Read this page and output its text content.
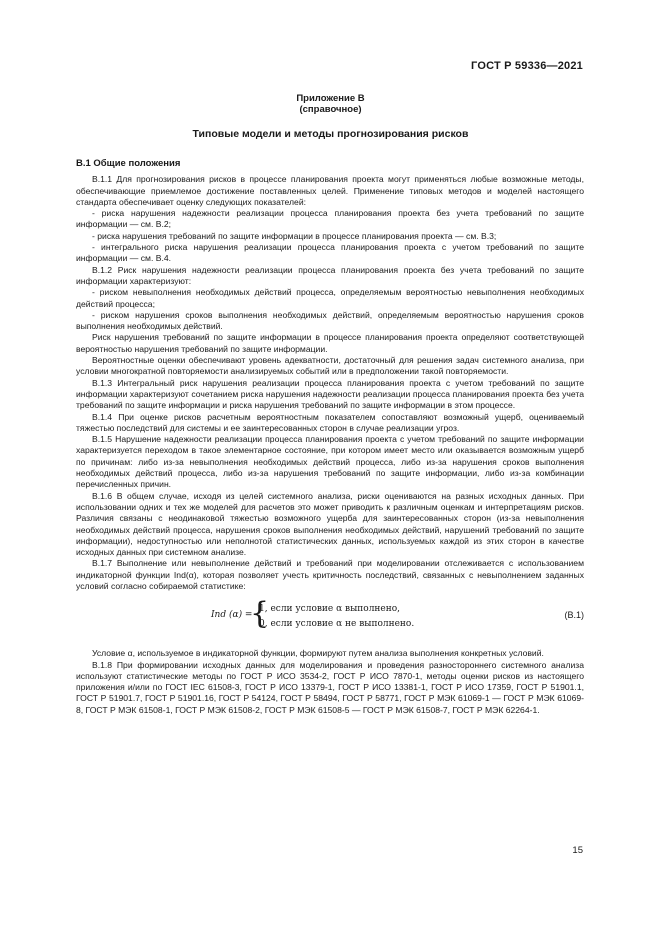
ГОСТ Р 59336—2021
Приложение В
(справочное)
Типовые модели и методы прогнозирования рисков
В.1 Общие положения

В.1.1 Для прогнозирования рисков в процессе планирования проекта могут применяться любые возможные методы, обеспечивающие приемлемое достижение поставленных целей. Применение типовых методов и моделей настоящего стандарта обеспечивает оценку следующих показателей:

- риска нарушения надежности реализации процесса планирования проекта без учета требований по защите информации — см. В.2;

- риска нарушения требований по защите информации в процессе планирования проекта — см. В.3;

- интегрального риска нарушения реализации процесса планирования проекта с учетом требований по защите информации — см. В.4.

В.1.2 Риск нарушения надежности реализации процесса планирования проекта без учета требований по защите информации характеризуют:

- риском невыполнения необходимых действий процесса, определяемым вероятностью невыполнения необходимых действий процесса;

- риском нарушения сроков выполнения необходимых действий, определяемым вероятностью нарушения сроков выполнения необходимых действий.

Риск нарушения требований по защите информации в процессе планирования проекта определяют соответствующей вероятностью нарушения требований по защите информации.

Вероятностные оценки обеспечивают уровень адекватности, достаточный для решения задач системного анализа, при условии многократной повторяемости анализируемых событий или в предположении такой повторяемости.

В.1.3 Интегральный риск нарушения реализации процесса планирования проекта с учетом требований по защите информации характеризуют сочетанием риска нарушения надежности реализации процесса планирования проекта без учета требований по защите информации и риска нарушения требований по защите информации в этом процессе.

В.1.4 При оценке рисков расчетным вероятностным показателем сопоставляют возможный ущерб, оцениваемый тяжестью последствий для системы и ее заинтересованных сторон в случае реализации угроз.

В.1.5 Нарушение надежности реализации процесса планирования проекта с учетом требований по защите информации характеризуется переходом в такое элементарное состояние, при котором имеет место или оказывается возможным ущерб по причинам: либо из-за невыполнения необходимых действий процесса, либо из-за нарушения сроков выполнения необходимых действий процесса, либо из-за нарушения требований по защите информации, либо из-за комбинации перечисленных причин.

В.1.6 В общем случае, исходя из целей системного анализа, риски оцениваются на разных исходных данных. При использовании одних и тех же моделей для расчетов это может приводить к различным оценкам и интерпретациям рисков. Различия связаны с неодинаковой тяжестью возможного ущерба для заинтересованных сторон (из-за невыполнения необходимых действий процесса, нарушения сроков выполнения необходимых действий, нарушений требований по защите информации), недоступностью или неполнотой статистических данных, используемых каждой из этих сторон в качестве исходных данных при системном анализе.

В.1.7 Выполнение или невыполнение действий и требований при моделировании отслеживается с использованием индикаторной функции Ind(α), которая позволяет учесть критичность последствий, связанных с невыполнением заданных условий согласно собираемой статистике:

Ind (α) =
{
1, если условие α выполнено,
0, если условие α не выполнено.
(В.1)

Условие α, используемое в индикаторной функции, формируют путем анализа выполнения конкретных условий.

В.1.8 При формировании исходных данных для моделирования и проведения разностороннего системного анализа используют статистические методы по ГОСТ Р ИСО 3534-2, ГОСТ Р ИСО 7870-1, методы оценки рисков из настоящего приложения и/или по ГОСТ IEC 61508-3, ГОСТ Р ИСО 13379-1, ГОСТ Р ИСО 13381-1, ГОСТ Р ИСО 17359, ГОСТ Р 51901.1, ГОСТ Р 51901.7, ГОСТ Р 51901.16, ГОСТ Р 54124, ГОСТ Р 58494, ГОСТ Р 58771, ГОСТ Р МЭК 61069-1 — ГОСТ Р МЭК 61069-8, ГОСТ Р МЭК 61508-1, ГОСТ Р МЭК 61508-2, ГОСТ Р МЭК 61508-5 — ГОСТ Р МЭК 61508-7, ГОСТ Р МЭК 62264-1.

15
